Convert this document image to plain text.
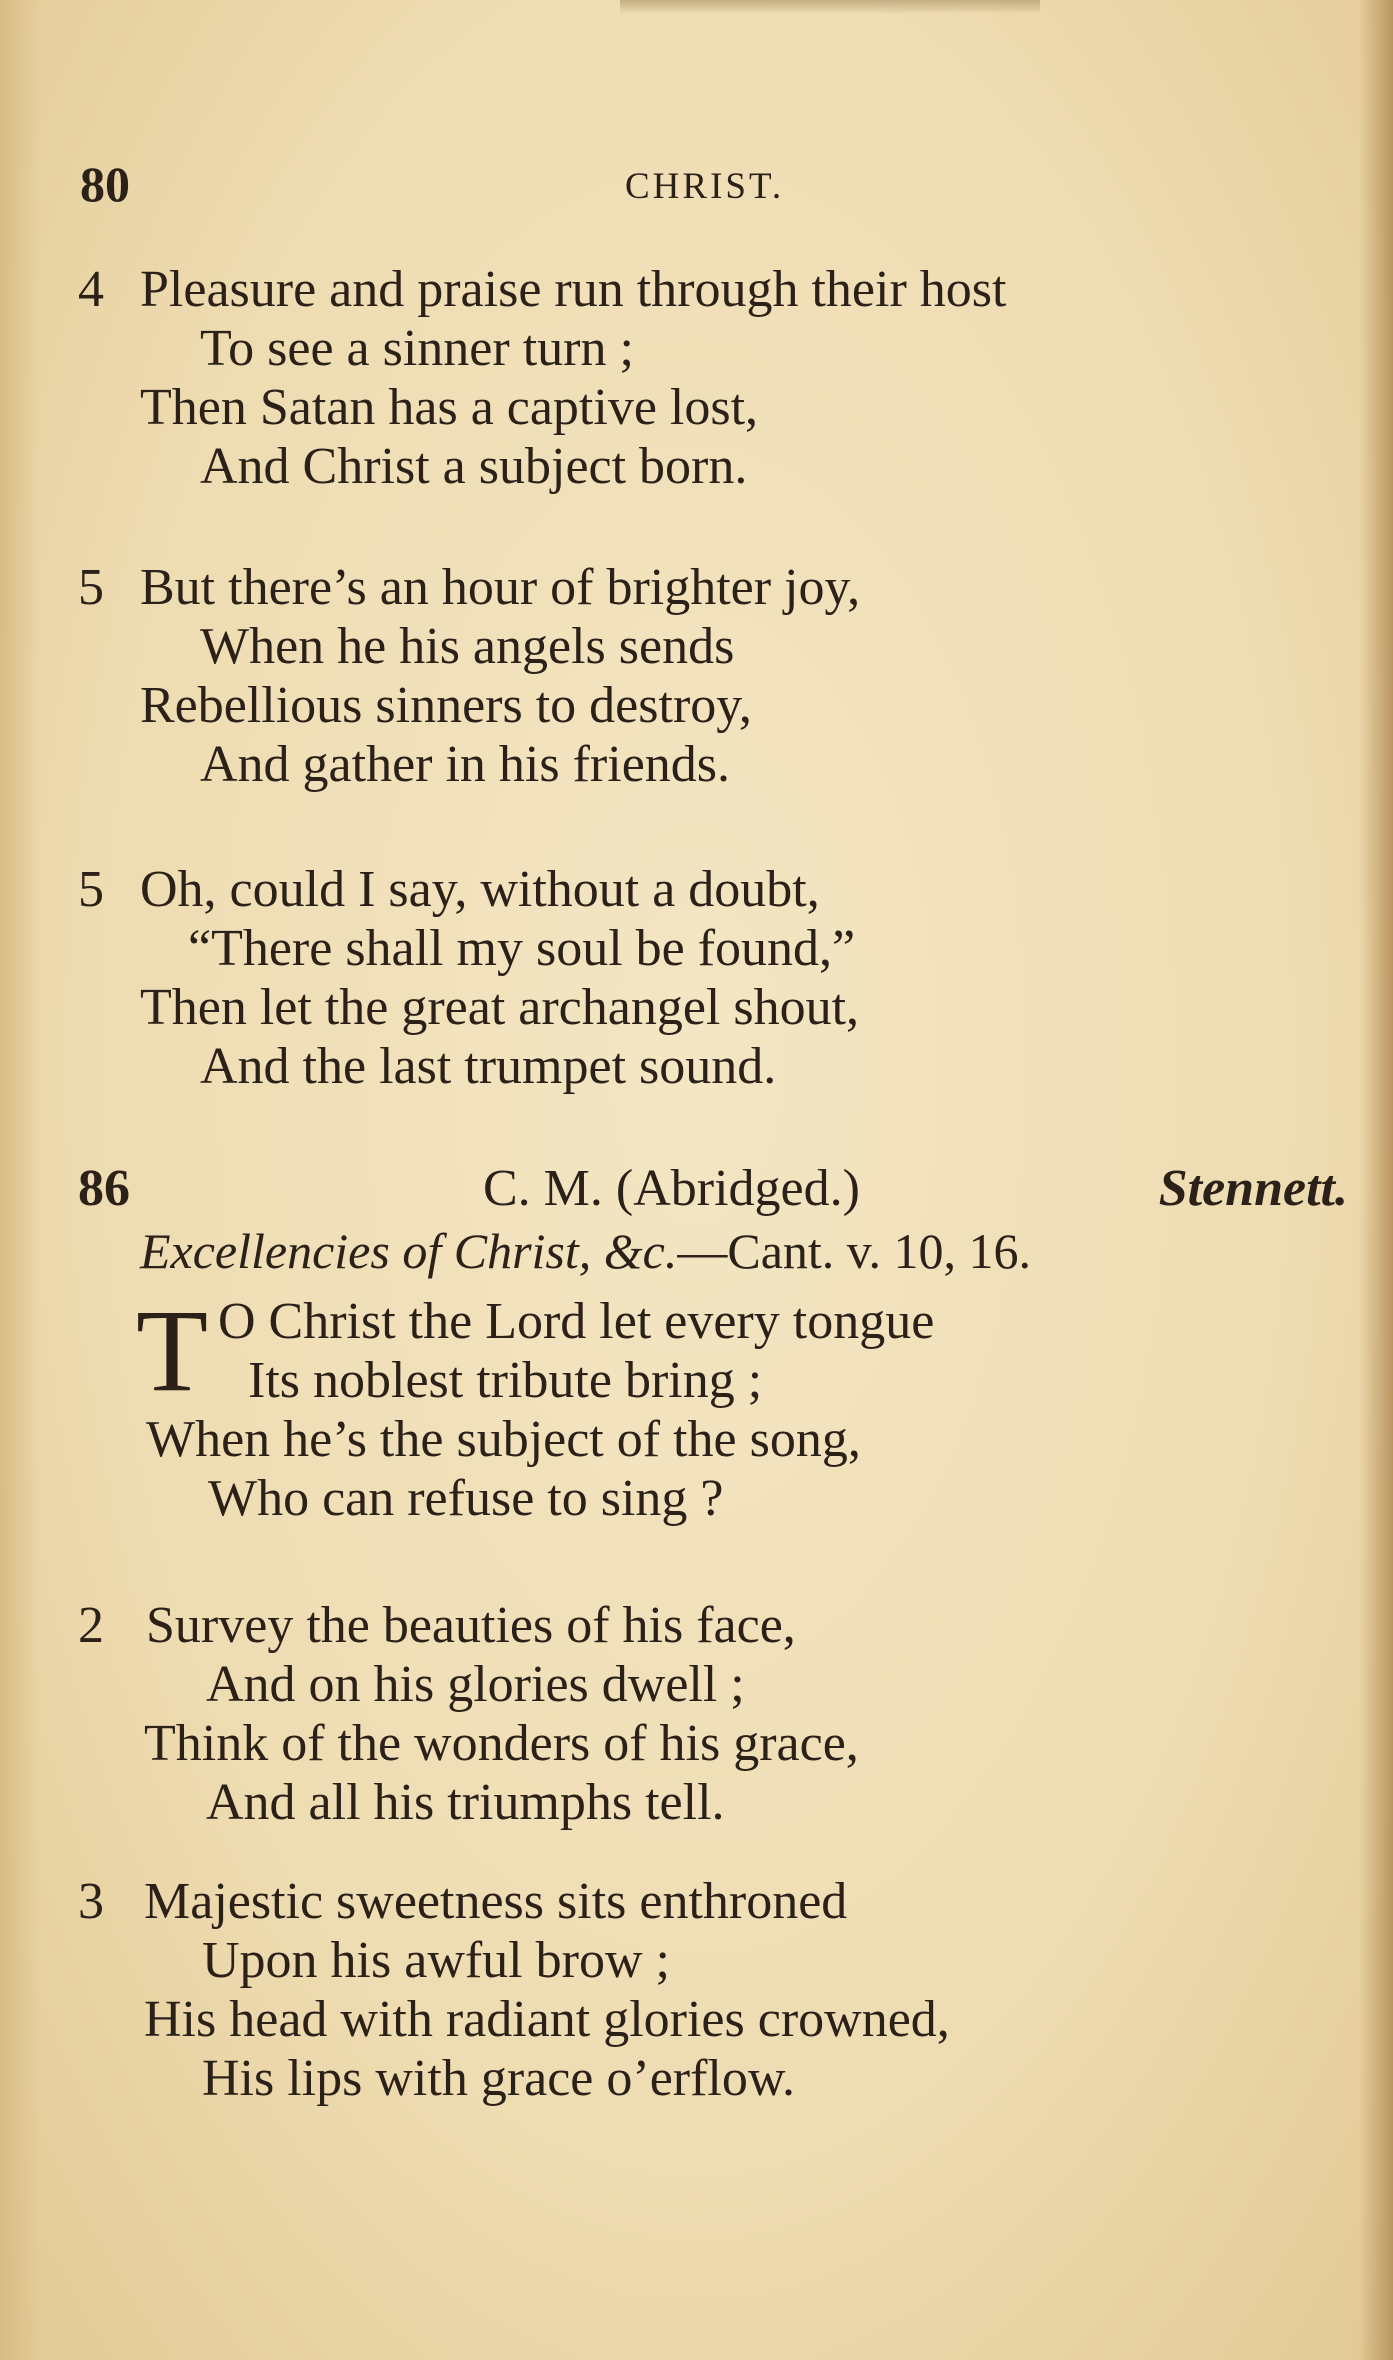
80	CHRIST.
4 Pleasure and praise run through their host
To see a sinner turn ;
Then Satan has a captive lost,
And Christ a subject born.
5 But there’s an hour of brighter joy,
When he his angels sends
Rebellious sinners to destroy,
And gather in his friends.
5 Oh, could I say, without a doubt,
“There shall my soul be found,”
Then let the great archangel shout,
And the last trumpet sound.
86	C. M. (Abridged.)	Stennett.
Excellencies of Christ, &c.—Cant. v. 10, 16.
T O Christ the Lord let every tongue
Its noblest tribute bring ;
When he’s the subject of the song,
Who can refuse to sing ?
2 Survey the beauties of his face,
And on his glories dwell ;
Think of the wonders of his grace,
And all his triumphs tell.
3 Majestic sweetness sits enthroned
Upon his awful brow ;
His head with radiant glories crowned,
His lips with grace o’erflow.
